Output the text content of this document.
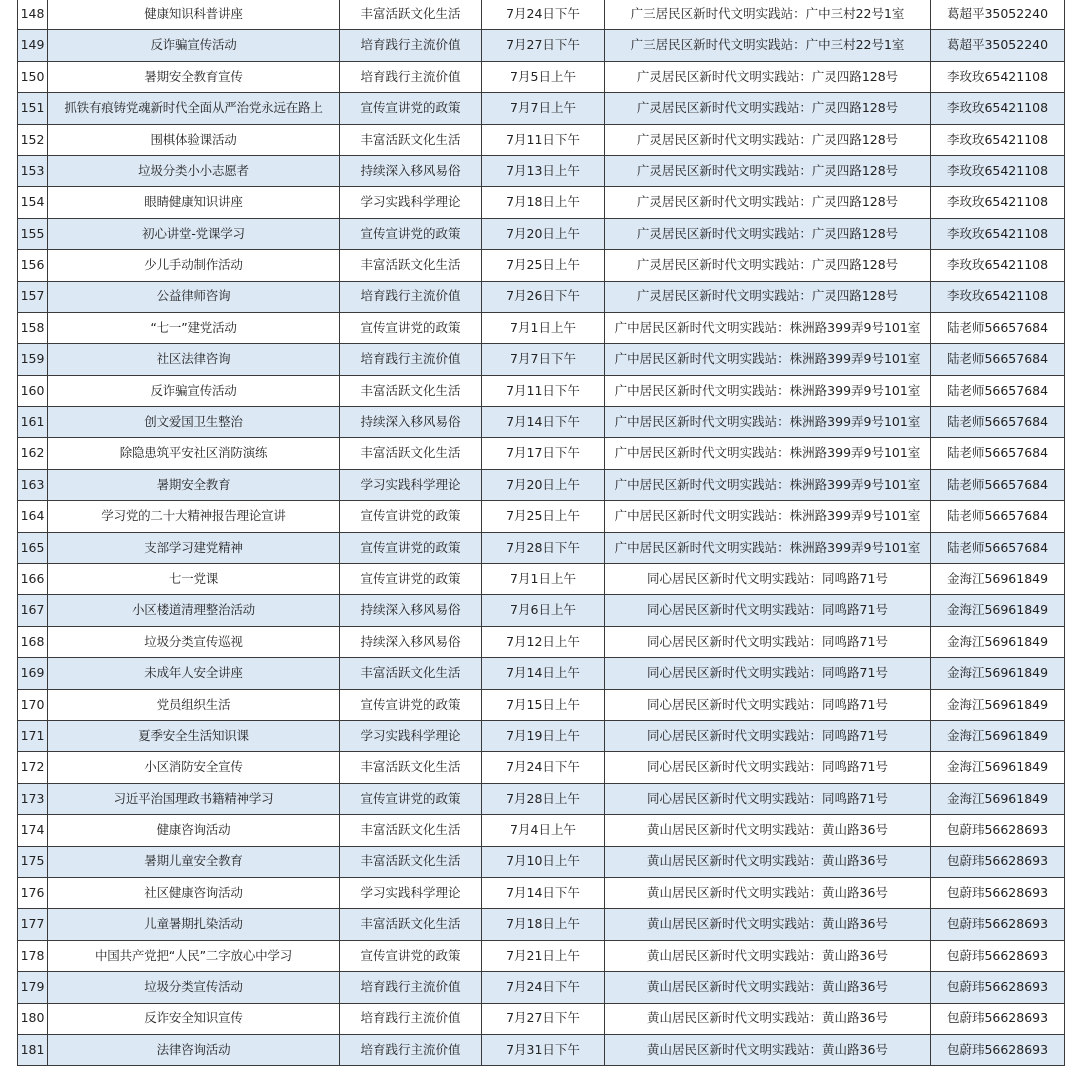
148	健康知识科普讲座	丰富活跃文化生活	7月24日下午	广三居民区新时代文明实践站：广中三村22号1室	葛超平35052240
149	反诈骗宣传活动	培育践行主流价值	7月27日下午	广三居民区新时代文明实践站：广中三村22号1室	葛超平35052240
150	暑期安全教育宣传	培育践行主流价值	7月5日上午	广灵居民区新时代文明实践站：广灵四路128号	李玫玫65421108
151	抓铁有痕铸党魂新时代全面从严治党永远在路上	宣传宣讲党的政策	7月7日上午	广灵居民区新时代文明实践站：广灵四路128号	李玫玫65421108
152	围棋体验课活动	丰富活跃文化生活	7月11日下午	广灵居民区新时代文明实践站：广灵四路128号	李玫玫65421108
153	垃圾分类小小志愿者	持续深入移风易俗	7月13日上午	广灵居民区新时代文明实践站：广灵四路128号	李玫玫65421108
154	眼睛健康知识讲座	学习实践科学理论	7月18日上午	广灵居民区新时代文明实践站：广灵四路128号	李玫玫65421108
155	初心讲堂-党课学习	宣传宣讲党的政策	7月20日上午	广灵居民区新时代文明实践站：广灵四路128号	李玫玫65421108
156	少儿手动制作活动	丰富活跃文化生活	7月25日上午	广灵居民区新时代文明实践站：广灵四路128号	李玫玫65421108
157	公益律师咨询	培育践行主流价值	7月26日下午	广灵居民区新时代文明实践站：广灵四路128号	李玫玫65421108
158	“七一”建党活动	宣传宣讲党的政策	7月1日上午	广中居民区新时代文明实践站：株洲路399弄9号101室	陆老师56657684
159	社区法律咨询	培育践行主流价值	7月7日下午	广中居民区新时代文明实践站：株洲路399弄9号101室	陆老师56657684
160	反诈骗宣传活动	丰富活跃文化生活	7月11日下午	广中居民区新时代文明实践站：株洲路399弄9号101室	陆老师56657684
161	创文爱国卫生整治	持续深入移风易俗	7月14日下午	广中居民区新时代文明实践站：株洲路399弄9号101室	陆老师56657684
162	除隐患筑平安社区消防演练	丰富活跃文化生活	7月17日下午	广中居民区新时代文明实践站：株洲路399弄9号101室	陆老师56657684
163	暑期安全教育	学习实践科学理论	7月20日上午	广中居民区新时代文明实践站：株洲路399弄9号101室	陆老师56657684
164	学习党的二十大精神报告理论宣讲	宣传宣讲党的政策	7月25日上午	广中居民区新时代文明实践站：株洲路399弄9号101室	陆老师56657684
165	支部学习建党精神	宣传宣讲党的政策	7月28日下午	广中居民区新时代文明实践站：株洲路399弄9号101室	陆老师56657684
166	七一党课	宣传宣讲党的政策	7月1日上午	同心居民区新时代文明实践站：同鸣路71号	金海江56961849
167	小区楼道清理整治活动	持续深入移风易俗	7月6日上午	同心居民区新时代文明实践站：同鸣路71号	金海江56961849
168	垃圾分类宣传巡视	持续深入移风易俗	7月12日上午	同心居民区新时代文明实践站：同鸣路71号	金海江56961849
169	未成年人安全讲座	丰富活跃文化生活	7月14日上午	同心居民区新时代文明实践站：同鸣路71号	金海江56961849
170	党员组织生活	宣传宣讲党的政策	7月15日上午	同心居民区新时代文明实践站：同鸣路71号	金海江56961849
171	夏季安全生活知识课	学习实践科学理论	7月19日上午	同心居民区新时代文明实践站：同鸣路71号	金海江56961849
172	小区消防安全宣传	丰富活跃文化生活	7月24日下午	同心居民区新时代文明实践站：同鸣路71号	金海江56961849
173	习近平治国理政书籍精神学习	宣传宣讲党的政策	7月28日上午	同心居民区新时代文明实践站：同鸣路71号	金海江56961849
174	健康咨询活动	丰富活跃文化生活	7月4日上午	黄山居民区新时代文明实践站：黄山路36号	包蔚玮56628693
175	暑期儿童安全教育	丰富活跃文化生活	7月10日上午	黄山居民区新时代文明实践站：黄山路36号	包蔚玮56628693
176	社区健康咨询活动	学习实践科学理论	7月14日下午	黄山居民区新时代文明实践站：黄山路36号	包蔚玮56628693
177	儿童暑期扎染活动	丰富活跃文化生活	7月18日上午	黄山居民区新时代文明实践站：黄山路36号	包蔚玮56628693
178	中国共产党把“人民”二字放心中学习	宣传宣讲党的政策	7月21日上午	黄山居民区新时代文明实践站：黄山路36号	包蔚玮56628693
179	垃圾分类宣传活动	培育践行主流价值	7月24日下午	黄山居民区新时代文明实践站：黄山路36号	包蔚玮56628693
180	反诈安全知识宣传	培育践行主流价值	7月27日下午	黄山居民区新时代文明实践站：黄山路36号	包蔚玮56628693
181	法律咨询活动	培育践行主流价值	7月31日下午	黄山居民区新时代文明实践站：黄山路36号	包蔚玮56628693
